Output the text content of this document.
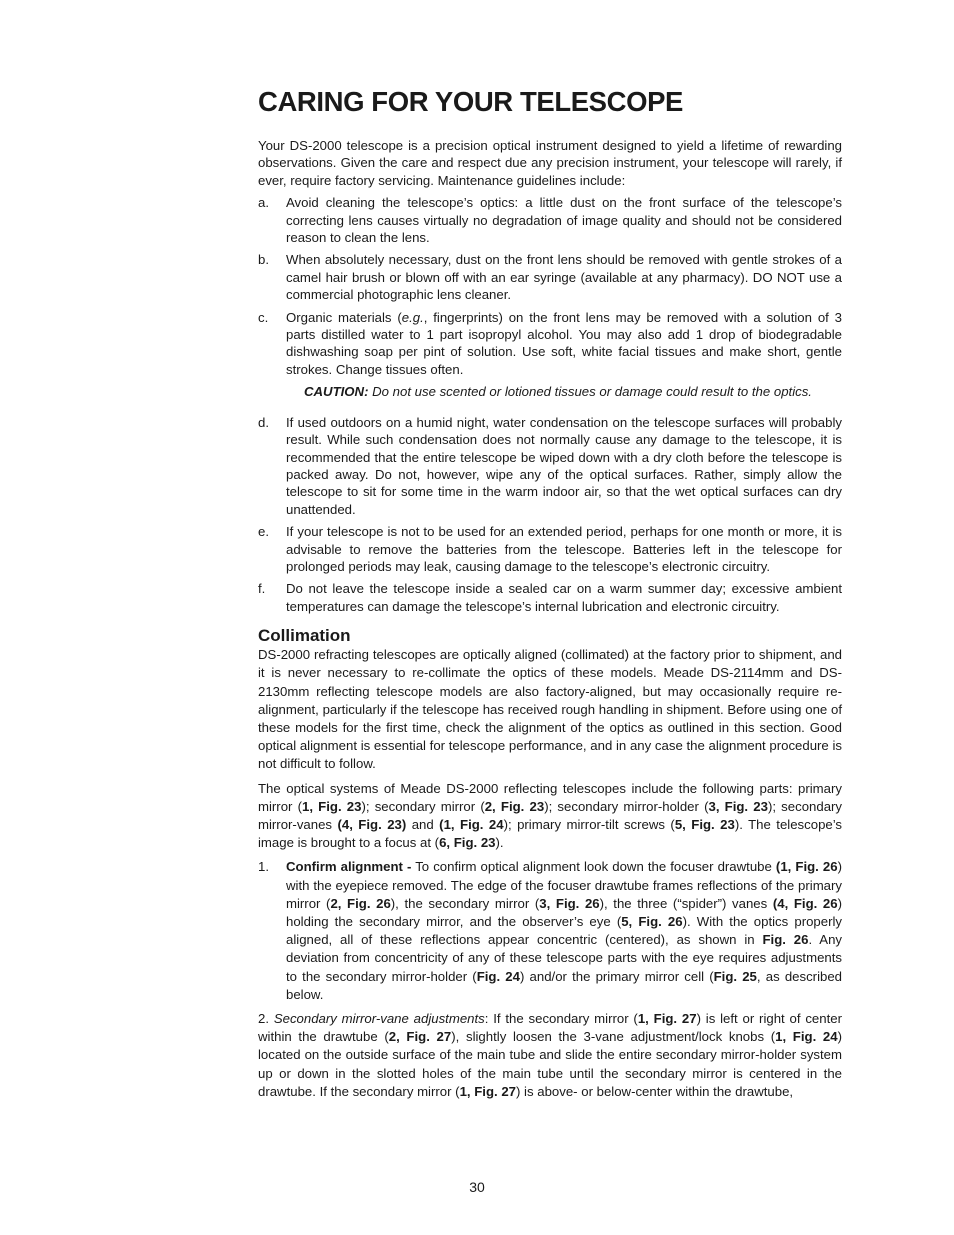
CARING FOR YOUR TELESCOPE

Your DS-2000 telescope is a precision optical instrument designed to yield a lifetime of rewarding observations. Given the care and respect due any precision instrument, your telescope will rarely, if ever, require factory servicing. Maintenance guidelines include:

a.	Avoid cleaning the telescope’s optics: a little dust on the front surface of the telescope’s correcting lens causes virtually no degradation of image quality and should not be considered reason to clean the lens.
b.	When absolutely necessary, dust on the front lens should be removed with gentle strokes of a camel hair brush or blown off with an ear syringe (available at any pharmacy). DO NOT use a commercial photographic lens cleaner.
c.	Organic materials (e.g., fingerprints) on the front lens may be removed with a solution of 3 parts distilled water to 1 part isopropyl alcohol. You may also add 1 drop of biodegradable dishwashing soap per pint of solution. Use soft, white facial tissues and make short, gentle strokes. Change tissues often.
CAUTION: Do not use scented or lotioned tissues or damage could result to the optics.
d.	If used outdoors on a humid night, water condensation on the telescope surfaces will probably result. While such condensation does not normally cause any damage to the telescope, it is recommended that the entire telescope be wiped down with a dry cloth before the telescope is packed away. Do not, however, wipe any of the optical surfaces. Rather, simply allow the telescope to sit for some time in the warm indoor air, so that the wet optical surfaces can dry unattended.
e.	If your telescope is not to be used for an extended period, perhaps for one month or more, it is advisable to remove the batteries from the telescope. Batteries left in the telescope for prolonged periods may leak, causing damage to the telescope’s electronic circuitry.
f.	Do not leave the telescope inside a sealed car on a warm summer day; excessive ambient temperatures can damage the telescope’s internal lubrication and electronic circuitry.
Collimation

DS-2000 refracting telescopes are optically aligned (collimated) at the factory prior to shipment, and it is never necessary to re-collimate the optics of these models. Meade DS-2114mm and DS-2130mm reflecting telescope models are also factory-aligned, but may occasionally require re-alignment, particularly if the telescope has received rough handling in shipment. Before using one of these models for the first time, check the alignment of the optics as outlined in this section. Good optical alignment is essential for telescope performance, and in any case the alignment procedure is not difficult to follow.

The optical systems of Meade DS-2000 reflecting telescopes include the following parts: primary mirror (1, Fig. 23); secondary mirror (2, Fig. 23); secondary mirror-holder (3, Fig. 23); secondary mirror-vanes (4, Fig. 23) and (1, Fig. 24); primary mirror-tilt screws (5, Fig. 23). The telescope’s image is brought to a focus at (6, Fig. 23).

1.	Confirm alignment - To confirm optical alignment look down the focuser drawtube (1, Fig. 26) with the eyepiece removed. The edge of the focuser drawtube frames reflections of the primary mirror (2, Fig. 26), the secondary mirror (3, Fig. 26), the three (“spider”) vanes (4, Fig. 26) holding the secondary mirror, and the observer’s eye (5, Fig. 26). With the optics properly aligned, all of these reflections appear concentric (centered), as shown in Fig. 26. Any deviation from concentricity of any of these telescope parts with the eye requires adjustments to the secondary mirror-holder (Fig. 24) and/or the primary mirror cell (Fig. 25, as described below.

2. Secondary mirror-vane adjustments: If the secondary mirror (1, Fig. 27) is left or right of center within the drawtube (2, Fig. 27), slightly loosen the 3-vane adjustment/lock knobs (1, Fig. 24) located on the outside surface of the main tube and slide the entire secondary mirror-holder system up or down in the slotted holes of the main tube until the secondary mirror is centered in the drawtube. If the secondary mirror (1, Fig. 27) is above- or below-center within the drawtube,

30
